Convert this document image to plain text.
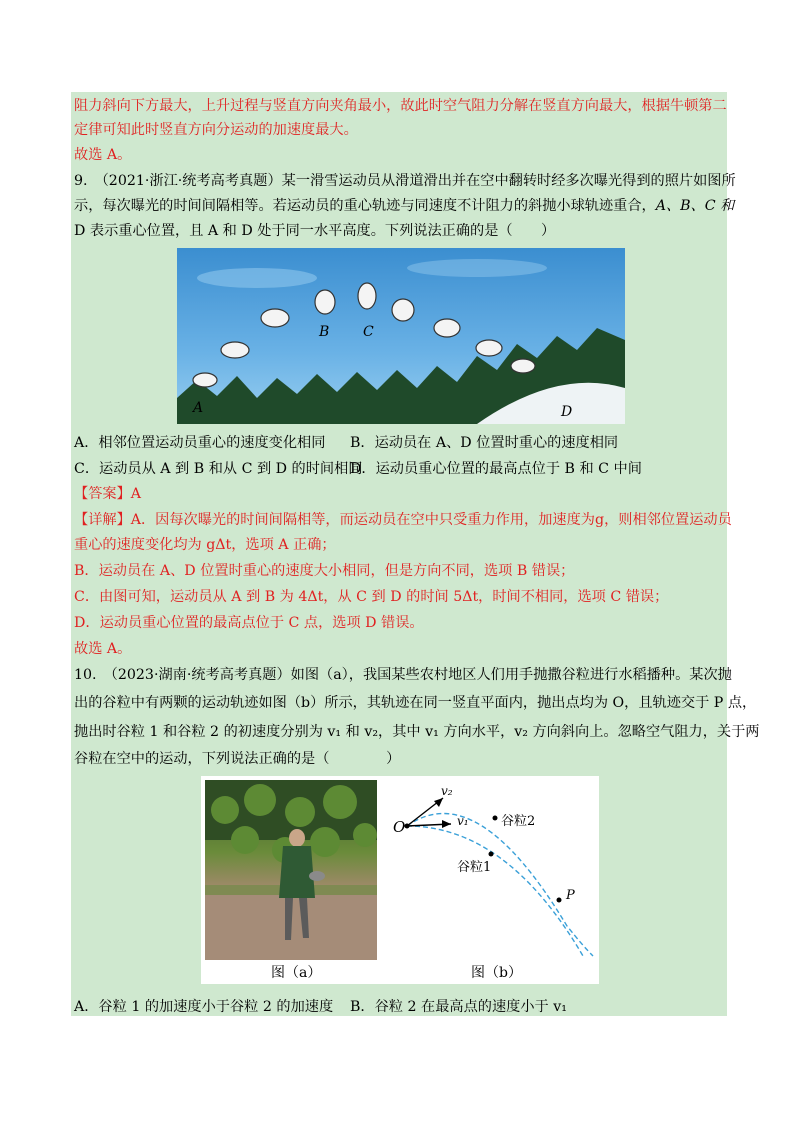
阻力斜向下方最大，上升过程与竖直方向夹角最小，故此时空气阻力分解在竖直方向最大，根据牛顿第二
定律可知此时竖直方向分运动的加速度最大。
故选 A。
9.　（2021·浙江·统考高考真题）某一滑雪运动员从滑道滑出并在空中翻转时经多次曝光得到的照片如图所
示，每次曝光的时间间隔相等。若运动员的重心轨迹与同速度不计阻力的斜抛小球轨迹重合，A、B、C 和
D 表示重心位置，且 A 和 D 处于同一水平高度。下列说法正确的是（　　）
A
B C
D
A．相邻位置运动员重心的速度变化相同 B．运动员在 A、D 位置时重心的速度相同
C．运动员从 A 到 B 和从 C 到 D 的时间相同
D．运动员重心位置的最高点位于 B 和 C 中间
【答案】A
【详解】A．因每次曝光的时间间隔相等，而运动员在空中只受重力作用，加速度为g，则相邻位置运动员
重心的速度变化均为 gΔt，选项 A 正确；
B．运动员在 A、D 位置时重心的速度大小相同，但是方向不同，选项 B 错误；
C．由图可知，运动员从 A 到 B 为 4Δt，从 C 到 D 的时间 5Δt，时间不相同，选项 C 错误；
D．运动员重心位置的最高点位于 C 点，选项 D 错误。
故选 A。
10.　（2023·湖南·统考高考真题）如图（a），我国某些农村地区人们用手抛撒谷粒进行水稻播种。某次抛
出的谷粒中有两颗的运动轨迹如图（b）所示，其轨迹在同一竖直平面内，抛出点均为 O，且轨迹交于 P 点，
抛出时谷粒 1 和谷粒 2 的初速度分别为 v₁ 和 v₂，其中 v₁ 方向水平，v₂ 方向斜向上。忽略空气阻力，关于两
谷粒在空中的运动，下列说法正确的是（　　　　）
图（a）	图（b）
O
P
v₂
v₁ 谷粒2
谷粒1
A．谷粒 1 的加速度小于谷粒 2 的加速度 B．谷粒 2 在最高点的速度小于 v₁
